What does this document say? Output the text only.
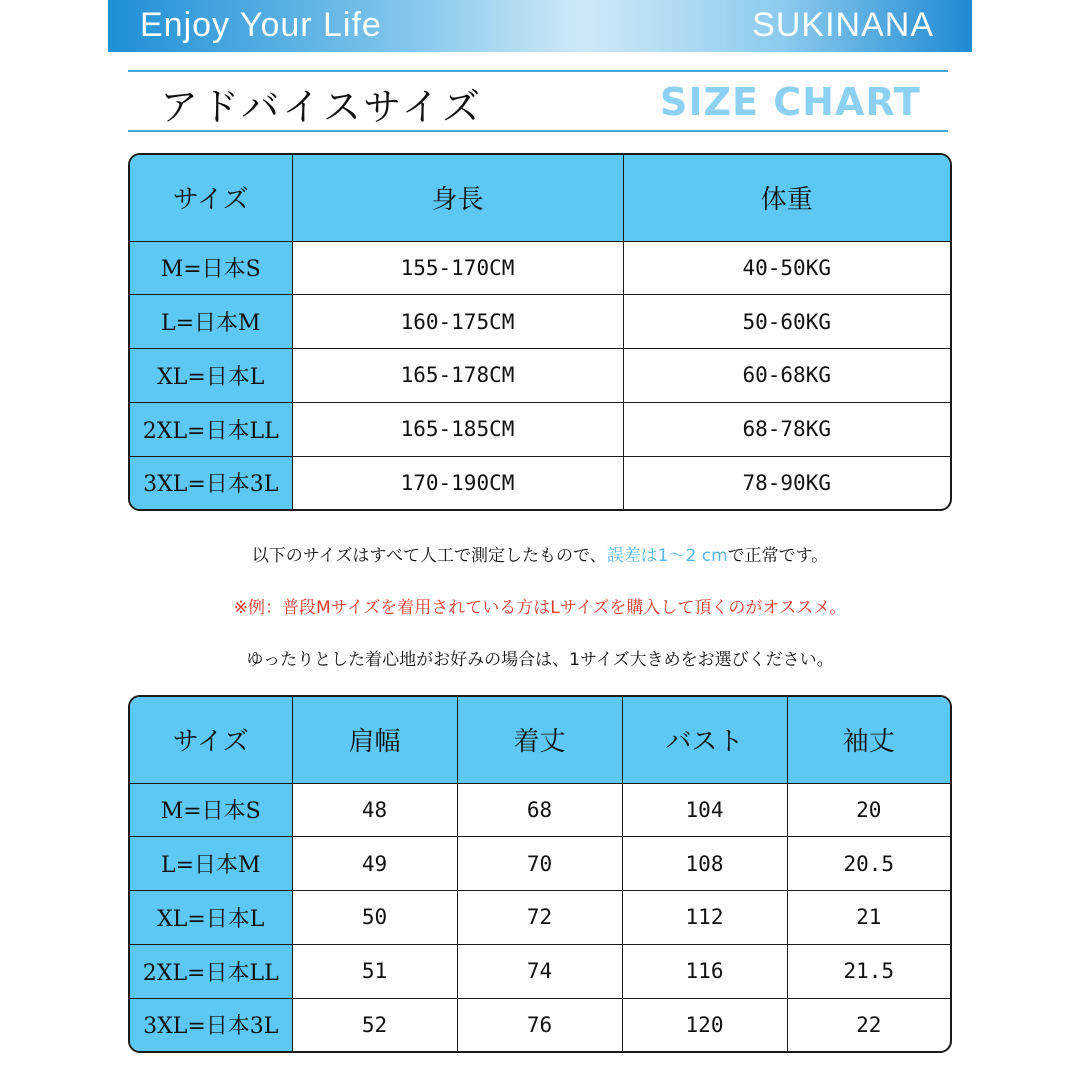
Enjoy Your Life	SUKINANA
アドバイスサイズ	SIZE CHART
サイズ	身長	体重
M=日本S	155-170CM	40-50KG
L=日本M	160-175CM	50-60KG
XL=日本L	165-178CM	60-68KG
2XL=日本LL	165-185CM	68-78KG
3XL=日本3L	170-190CM	78-90KG
以下のサイズはすべて人工で測定したもので、誤差は1〜2 cmで正常です。
※例：普段Mサイズを着用されている方はLサイズを購入して頂くのがオススメ。
ゆったりとした着心地がお好みの場合は、1サイズ大きめをお選びください。
サイズ	肩幅	着丈	バスト	袖丈
M=日本S	48	68	104	20
L=日本M	49	70	108	20.5
XL=日本L	50	72	112	21
2XL=日本LL	51	74	116	21.5
3XL=日本3L	52	76	120	22
